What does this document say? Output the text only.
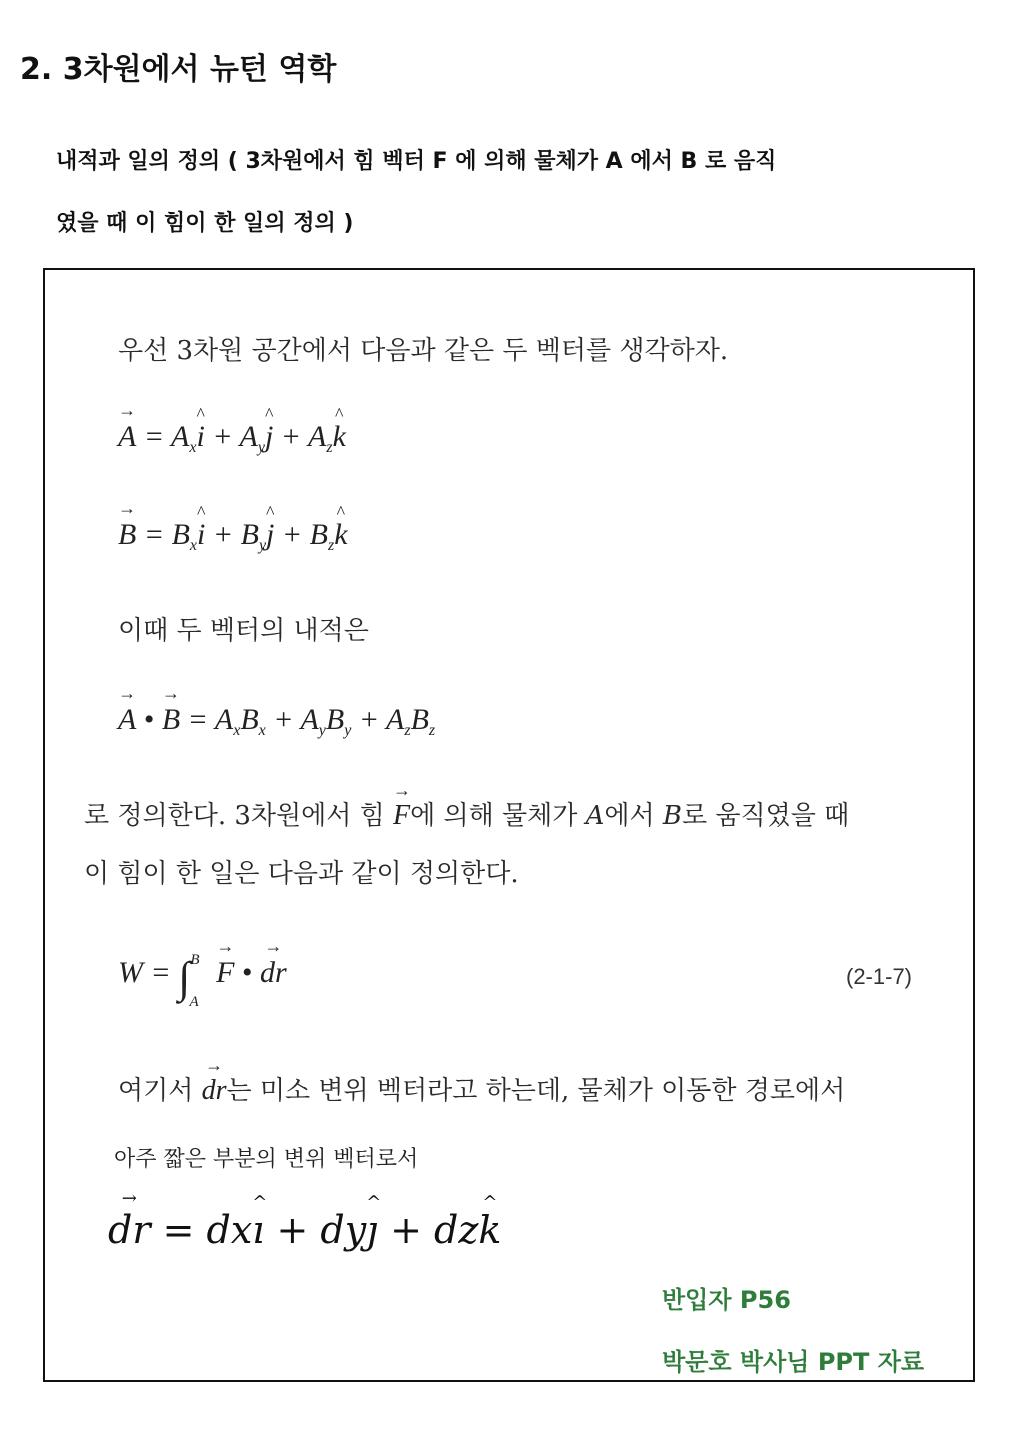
2. 3차원에서 뉴턴 역학

내적과 일의 정의 ( 3차원에서 힘 벡터 F 에 의해 물체가 A 에서 B 로 음직

였을 때 이 힘이 한 일의 정의 )

우선 3차원 공간에서 다음과 같은 두 벡터를 생각하자.

→ $A = A_x\^{}$ $i + A_y\^{}$ $j + A_z\^{}$ k
→ $B = B_x\^{}$ $i + B_y\^{}$ $j + B_z\^{}$ k

이때 두 벡터의 내적은

→ A • → $B = A_xB_x + A_yB_y + A_zB_z$

로 정의한다. 3차원에서 힘 → F에 의해 물체가 A에서 B로 움직였을 때

이 힘이 한 일은 다음과 같이 정의한다.

W = ∫$^B_A$ → F • → dr	(2-1-7)

여기서 → dr는 미소 변위 벡터라고 하는데, 물체가 이동한 경로에서

아주 짧은 부분의 변위 벡터로서

→ dr = dx^ ı + dy^ ȷ + dz^ k

반입자 P56

박문호 박사님 PPT 자료
